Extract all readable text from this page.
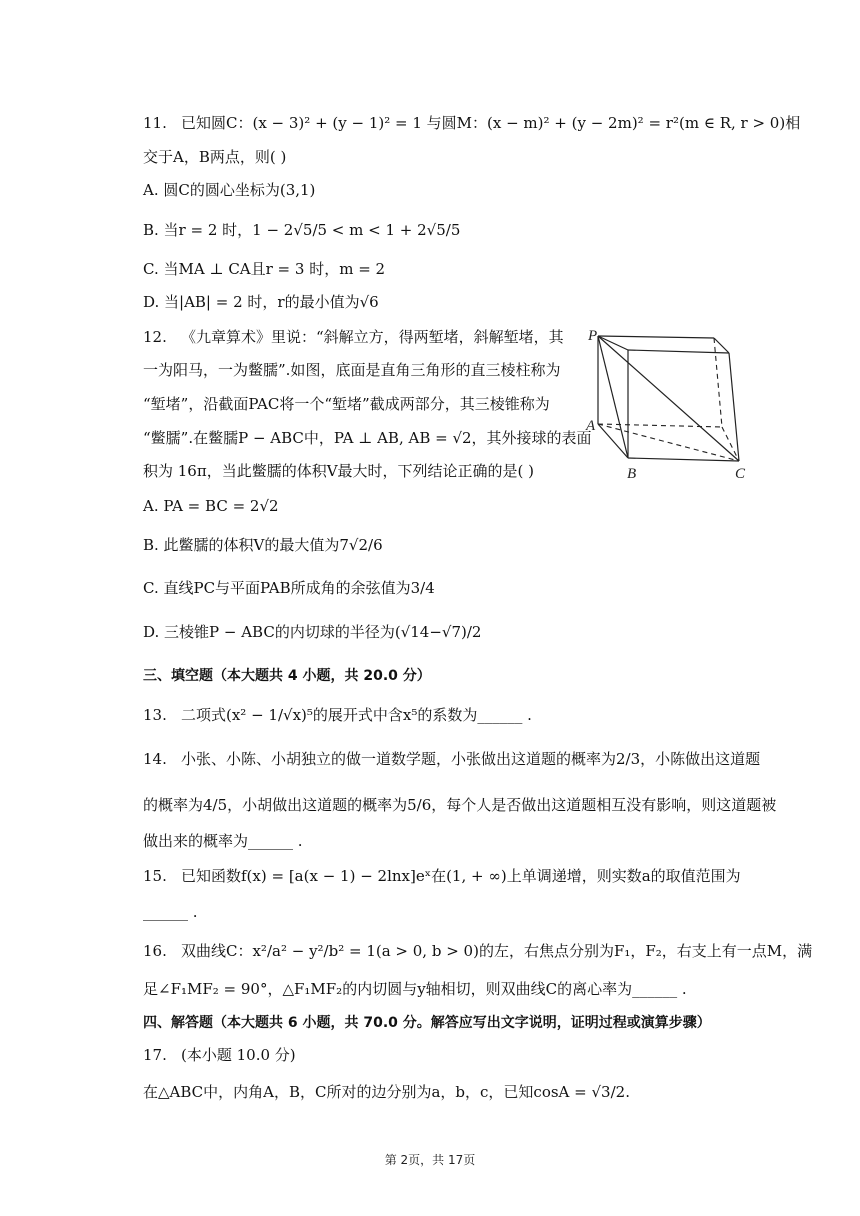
11. 已知圆C：(x − 3)² + (y − 1)² = 1 与圆M：(x − m)² + (y − 2m)² = r²(m ∈ R, r > 0)相
交于A，B两点，则( )
A. 圆C的圆心坐标为(3,1)
B. 当r = 2 时，1 − 2√5/5 < m < 1 + 2√5/5
C. 当MA ⊥ CA且r = 3 时，m = 2
D. 当|AB| = 2 时，r的最小值为√6
12. 《九章算术》里说：“斜解立方，得两堑堵，斜解堑堵，其
一为阳马，一为鳖臑”.如图，底面是直角三角形的直三棱柱称为
“堑堵”，沿截面PAC将一个“堑堵”截成两部分，其三棱锥称为
“鳖臑”.在鳖臑P − ABC中，PA ⊥ AB, AB = √2，其外接球的表面
积为 16π，当此鳖臑的体积V最大时，下列结论正确的是( )
A. PA = BC = 2√2
B. 此鳖臑的体积V的最大值为7√2/6
C. 直线PC与平面PAB所成角的余弦值为3/4
D. 三棱锥P − ABC的内切球的半径为(√14−√7)/2
P
A
B	C
三、填空题（本大题共 4 小题，共 20.0 分）
13. 二项式(x² − 1/√x)⁵的展开式中含x⁵的系数为______ .
14. 小张、小陈、小胡独立的做一道数学题，小张做出这道题的概率为2/3，小陈做出这道题
的概率为4/5，小胡做出这道题的概率为5/6，每个人是否做出这道题相互没有影响，则这道题被
做出来的概率为______ .
15. 已知函数f(x) = [a(x − 1) − 2lnx]eˣ在(1, + ∞)上单调递增，则实数a的取值范围为
______ .
16. 双曲线C：x²/a² − y²/b² = 1(a > 0, b > 0)的左，右焦点分别为F₁，F₂，右支上有一点M，满
足∠F₁MF₂ = 90°，△F₁MF₂的内切圆与y轴相切，则双曲线C的离心率为______ .
四、解答题（本大题共 6 小题，共 70.0 分。解答应写出文字说明，证明过程或演算步骤）
17. (本小题 10.0 分)
在△ABC中，内角A，B，C所对的边分别为a，b，c，已知cosA = √3/2.
第 2页，共 17页
